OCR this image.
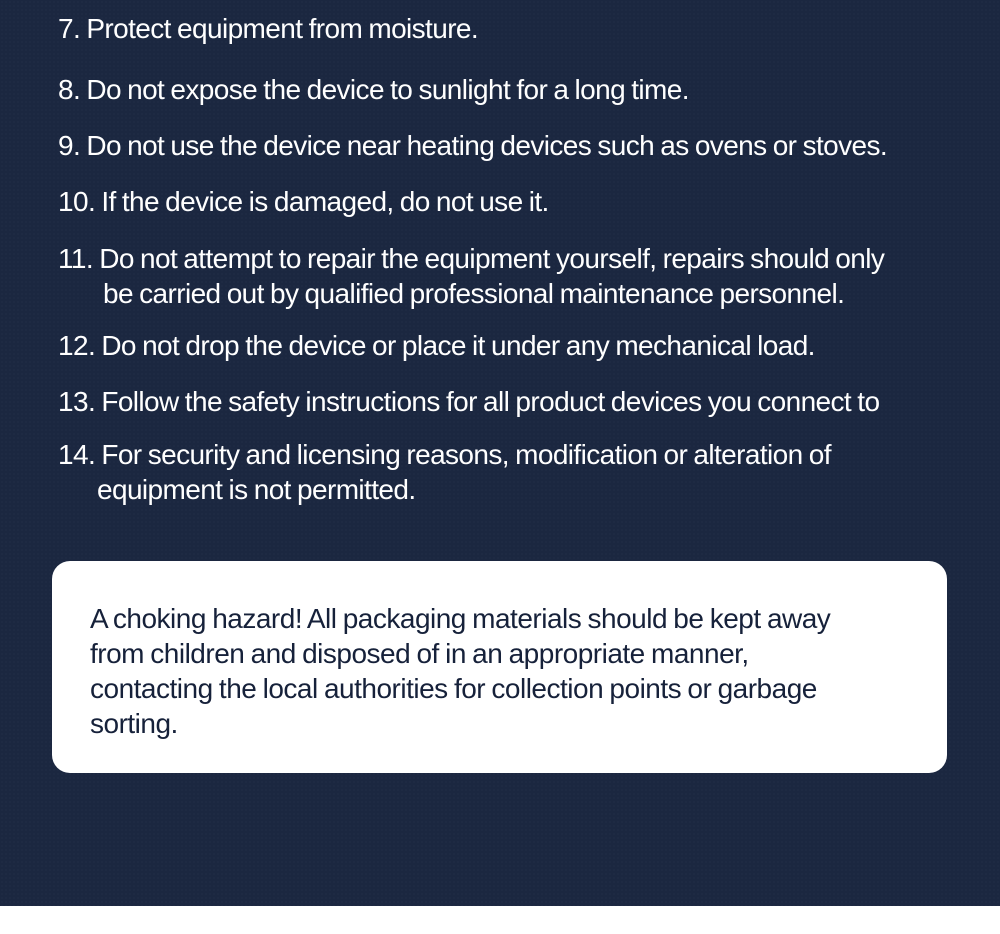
7. Protect equipment from moisture.

8. Do not expose the device to sunlight for a long time.

9. Do not use the device near heating devices such as ovens or stoves.

10. If the device is damaged, do not use it.

11. Do not attempt to repair the equipment yourself, repairs should only
be carried out by qualified professional maintenance personnel.

12. Do not drop the device or place it under any mechanical load.

13. Follow the safety instructions for all product devices you connect to

14. For security and licensing reasons, modification or alteration of
equipment is not permitted.

A choking hazard! All packaging materials should be kept away
from children and disposed of in an appropriate manner,
contacting the local authorities for collection points or garbage
sorting.
